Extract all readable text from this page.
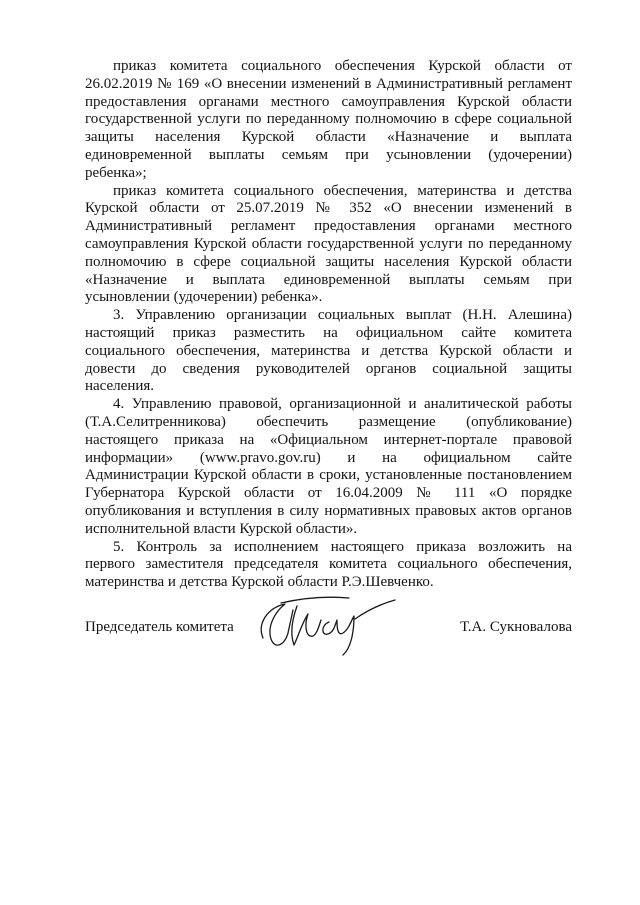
приказ комитета социального обеспечения Курской области от
26.02.2019 № 169 «О внесении изменений в Административный регламент
предоставления органами местного самоуправления Курской области
государственной услуги по переданному полномочию в сфере социальной
защиты населения Курской области «Назначение и выплата
единовременной выплаты семьям при усыновлении (удочерении)
ребенка»;
приказ комитета социального обеспечения, материнства и детства
Курской области от 25.07.2019 № 352 «О внесении изменений в
Административный регламент предоставления органами местного
самоуправления Курской области государственной услуги по переданному
полномочию в сфере социальной защиты населения Курской области
«Назначение и выплата единовременной выплаты семьям при
усыновлении (удочерении) ребенка».
3. Управлению организации социальных выплат (Н.Н. Алешина)
настоящий приказ разместить на официальном сайте комитета
социального обеспечения, материнства и детства Курской области и
довести до сведения руководителей органов социальной защиты
населения.
4. Управлению правовой, организационной и аналитической работы
(Т.А.Селитренникова) обеспечить размещение (опубликование)
настоящего приказа на «Официальном интернет-портале правовой
информации» (www.pravo.gov.ru) и на официальном сайте
Администрации Курской области в сроки, установленные постановлением
Губернатора Курской области от 16.04.2009 № 111 «О порядке
опубликования и вступления в силу нормативных правовых актов органов
исполнительной власти Курской области».
5. Контроль за исполнением настоящего приказа возложить на
первого заместителя председателя комитета социального обеспечения,
материнства и детства Курской области Р.Э.Шевченко.
Председатель комитета	Т.А. Сукновалова
